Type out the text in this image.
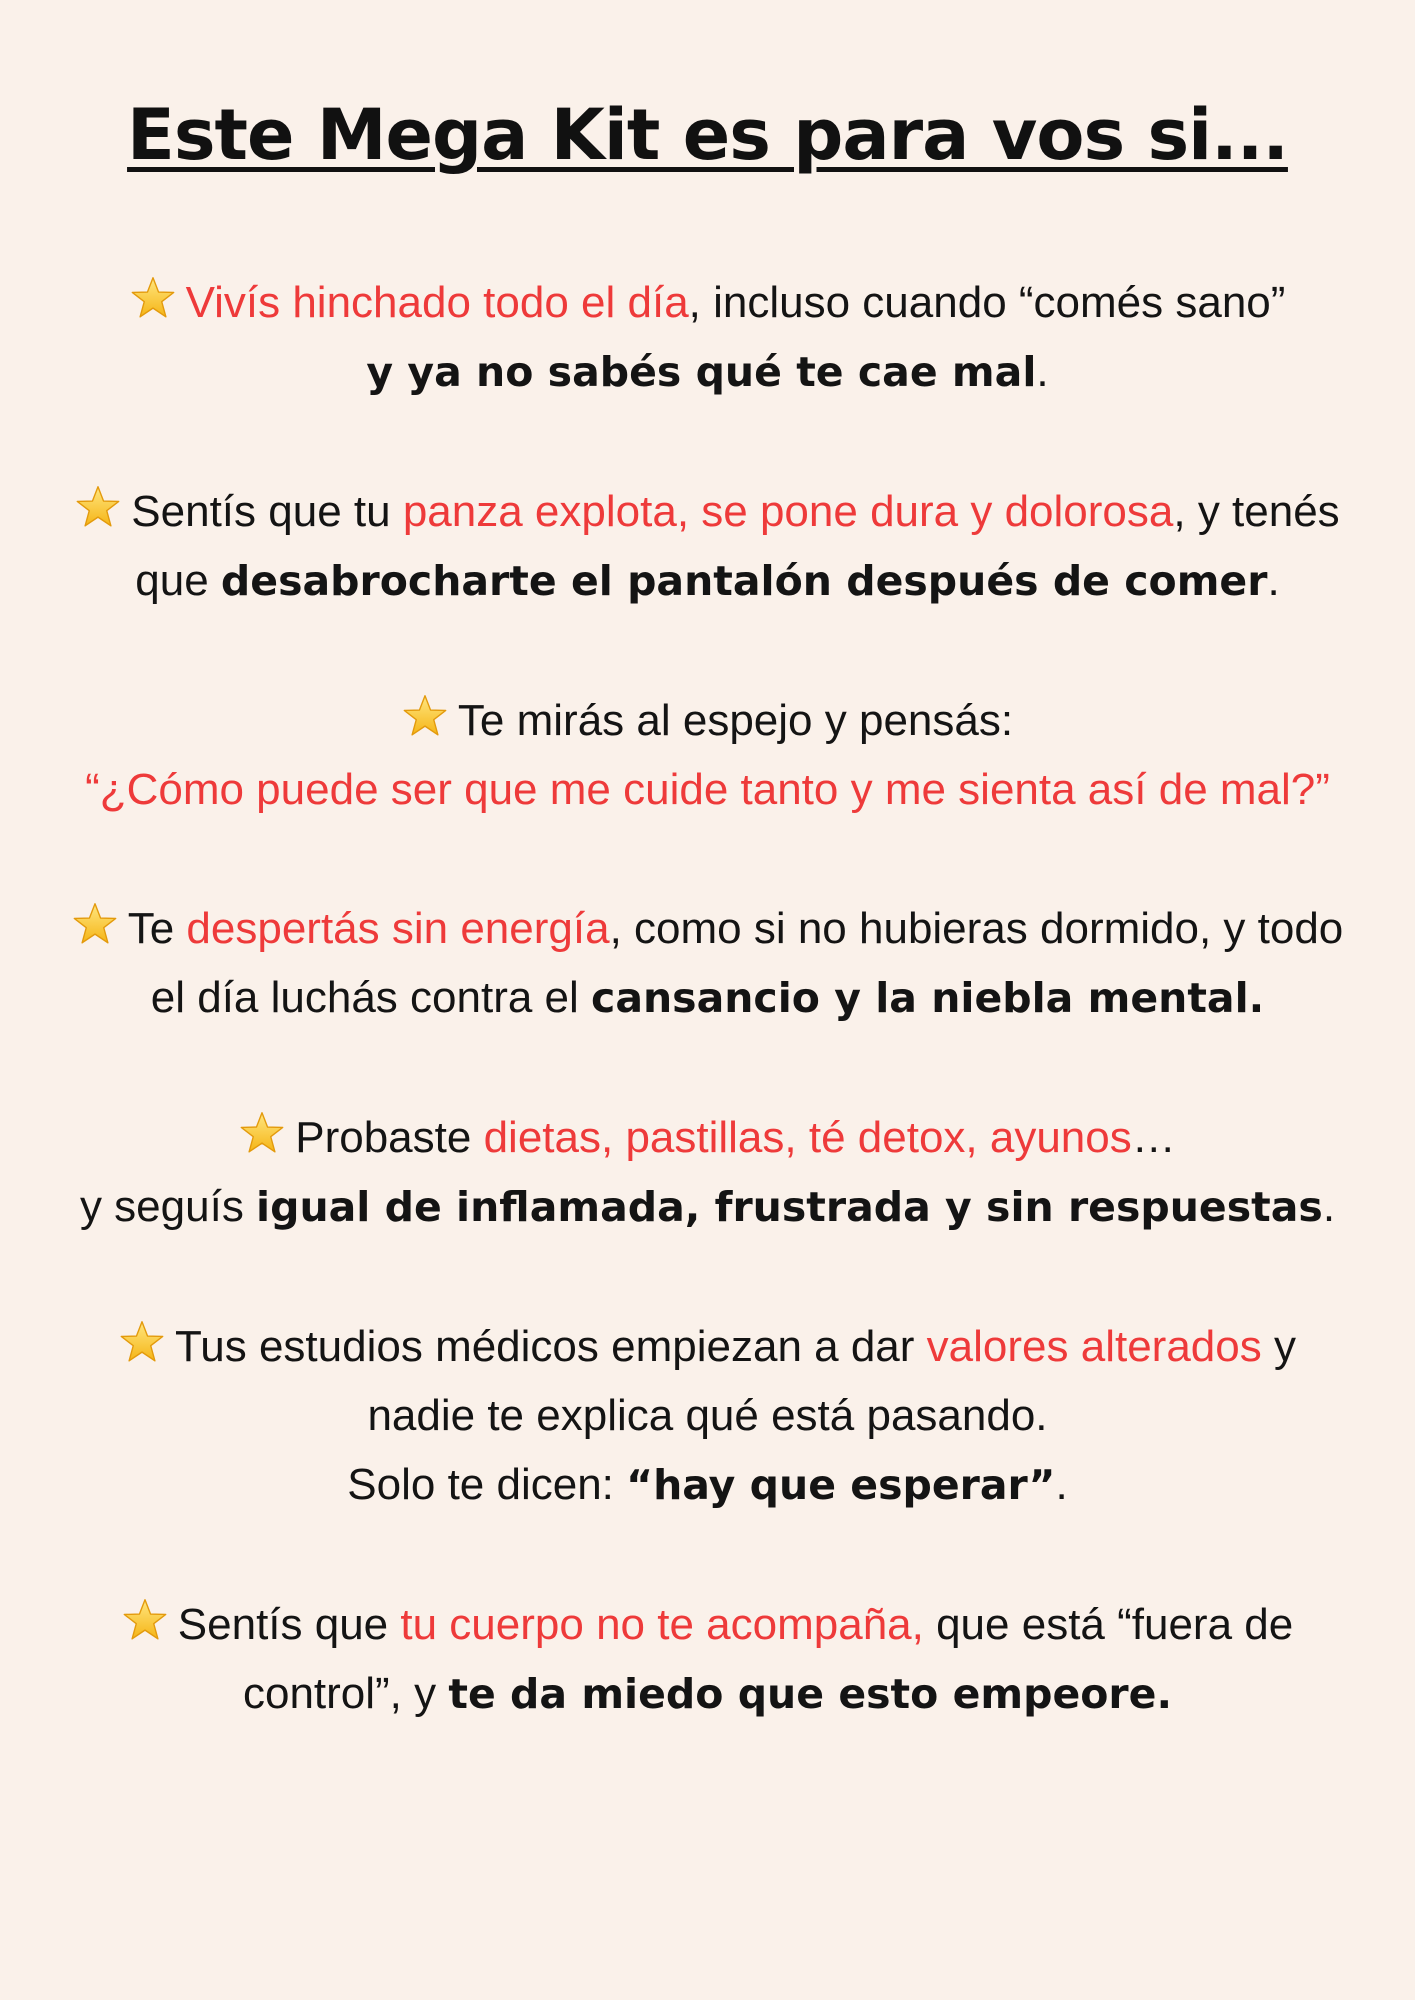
Este Mega Kit es para vos si...

Vivís hinchado todo el día, incluso cuando “comés sano”
y ya no sabés qué te cae mal.

Sentís que tu panza explota, se pone dura y dolorosa, y tenés que desabrocharte el pantalón después de comer.

Te mirás al espejo y pensás:
“¿Cómo puede ser que me cuide tanto y me sienta así de mal?”

Te despertás sin energía, como si no hubieras dormido, y todo el día luchás contra el cansancio y la niebla mental.

Probaste dietas, pastillas, té detox, ayunos…
y seguís igual de inflamada, frustrada y sin respuestas.

Tus estudios médicos empiezan a dar valores alterados y nadie te explica qué está pasando.
Solo te dicen: “hay que esperar”.

Sentís que tu cuerpo no te acompaña, que está “fuera de control”, y te da miedo que esto empeore.
